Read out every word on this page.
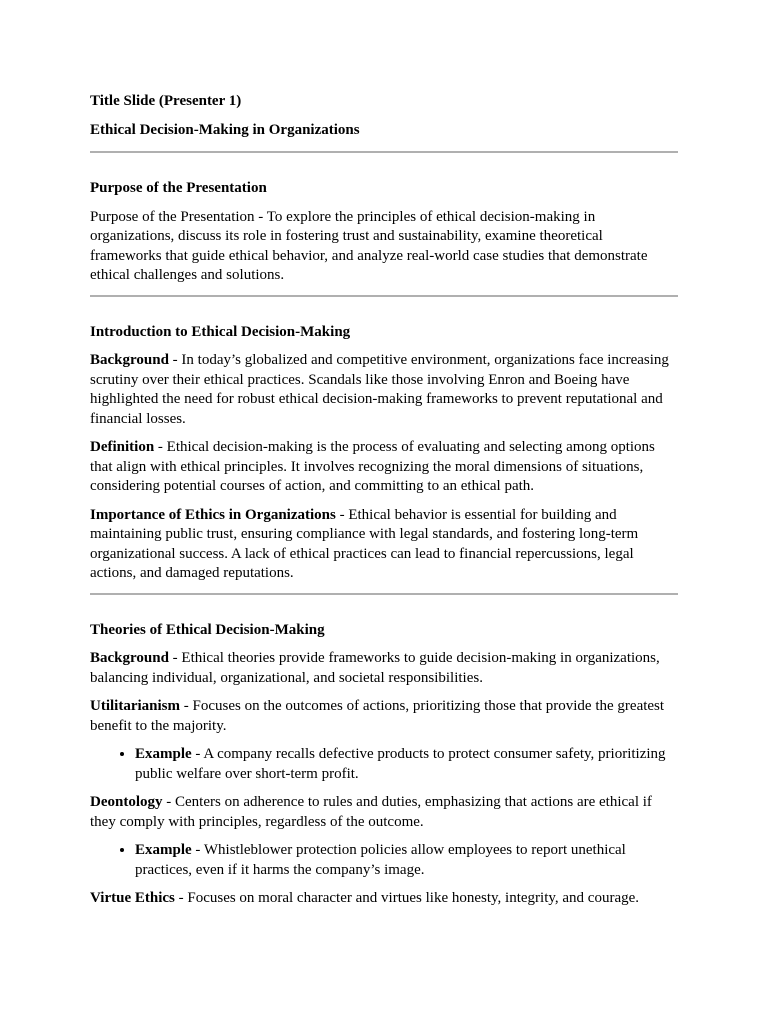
Title Slide (Presenter 1)

Ethical Decision-Making in Organizations

Purpose of the Presentation

Purpose of the Presentation - To explore the principles of ethical decision-making in organizations, discuss its role in fostering trust and sustainability, examine theoretical frameworks that guide ethical behavior, and analyze real-world case studies that demonstrate ethical challenges and solutions.

Introduction to Ethical Decision-Making

Background - In today’s globalized and competitive environment, organizations face increasing scrutiny over their ethical practices. Scandals like those involving Enron and Boeing have highlighted the need for robust ethical decision-making frameworks to prevent reputational and financial losses.

Definition - Ethical decision-making is the process of evaluating and selecting among options that align with ethical principles. It involves recognizing the moral dimensions of situations, considering potential courses of action, and committing to an ethical path.

Importance of Ethics in Organizations - Ethical behavior is essential for building and maintaining public trust, ensuring compliance with legal standards, and fostering long-term organizational success. A lack of ethical practices can lead to financial repercussions, legal actions, and damaged reputations.

Theories of Ethical Decision-Making

Background - Ethical theories provide frameworks to guide decision-making in organizations, balancing individual, organizational, and societal responsibilities.

Utilitarianism - Focuses on the outcomes of actions, prioritizing those that provide the greatest benefit to the majority.

• Example - A company recalls defective products to protect consumer safety, prioritizing public welfare over short-term profit.

Deontology - Centers on adherence to rules and duties, emphasizing that actions are ethical if they comply with principles, regardless of the outcome.

• Example - Whistleblower protection policies allow employees to report unethical practices, even if it harms the company’s image.

Virtue Ethics - Focuses on moral character and virtues like honesty, integrity, and courage.
